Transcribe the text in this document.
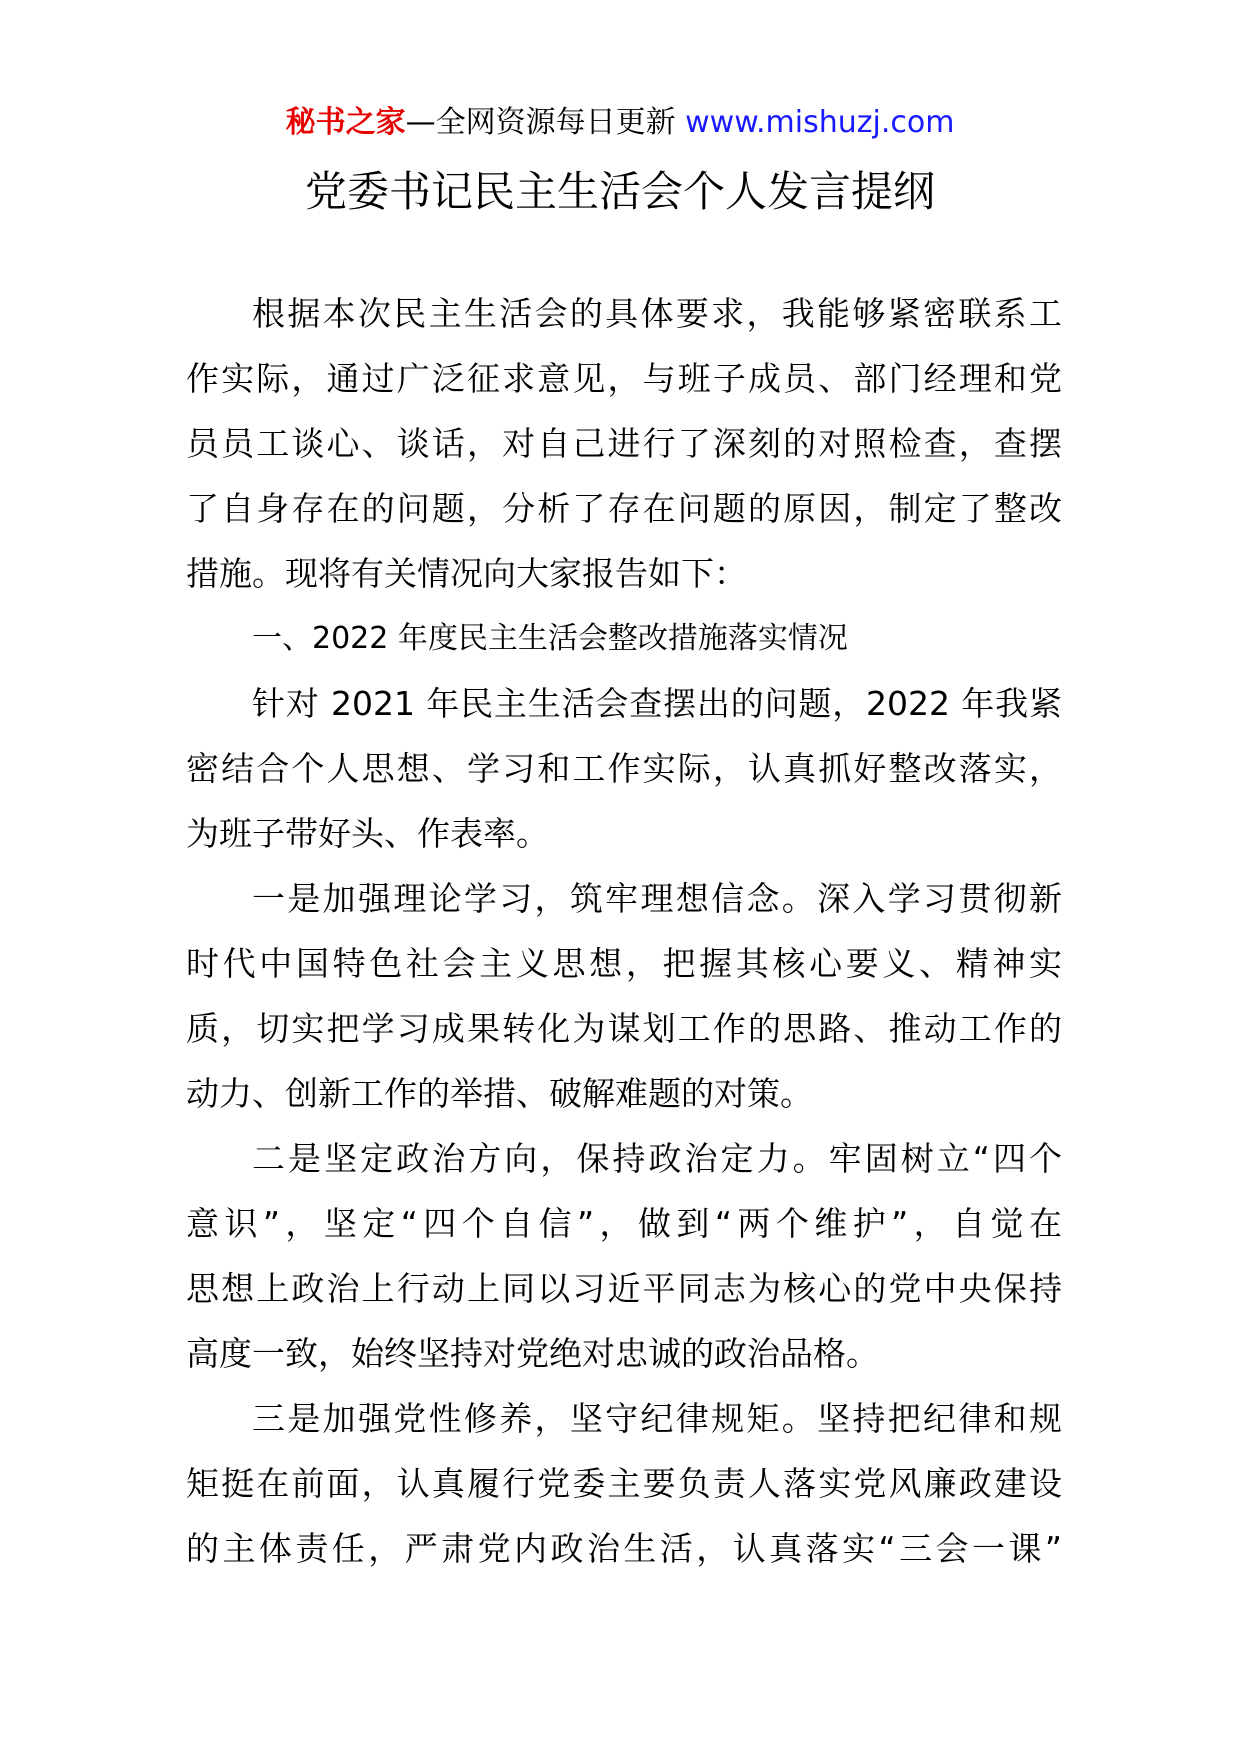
秘书之家—全网资源每日更新 www.mishuzj.com
党委书记民主生活会个人发言提纲
根据本次民主生活会的具体要求，我能够紧密联系工
作实际，通过广泛征求意见，与班子成员、部门经理和党
员员工谈心、谈话，对自己进行了深刻的对照检查，查摆
了自身存在的问题，分析了存在问题的原因，制定了整改
措施。现将有关情况向大家报告如下：
一、2022 年度民主生活会整改措施落实情况
针对 2021 年民主生活会查摆出的问题，2022 年我紧
密结合个人思想、学习和工作实际，认真抓好整改落实，
为班子带好头、作表率。
一是加强理论学习，筑牢理想信念。深入学习贯彻新
时代中国特色社会主义思想，把握其核心要义、精神实
质，切实把学习成果转化为谋划工作的思路、推动工作的
动力、创新工作的举措、破解难题的对策。
二是坚定政治方向，保持政治定力。牢固树立“四个
意识”，坚定“四个自信”，做到“两个维护”，自觉在
思想上政治上行动上同以习近平同志为核心的党中央保持
高度一致，始终坚持对党绝对忠诚的政治品格。
三是加强党性修养，坚守纪律规矩。坚持把纪律和规
矩挺在前面，认真履行党委主要负责人落实党风廉政建设
的主体责任，严肃党内政治生活，认真落实“三会一课”
